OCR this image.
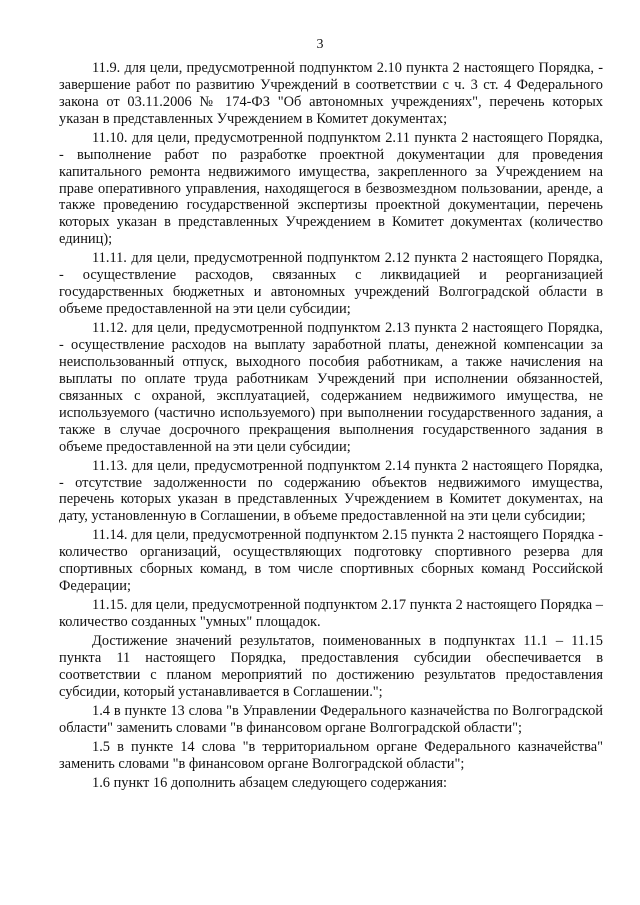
3

11.9. для цели, предусмотренной подпунктом 2.10 пункта 2 настоящего Порядка, - завершение работ по развитию Учреждений в соответствии с ч. 3 ст. 4 Федерального закона от 03.11.2006 № 174-ФЗ "Об автономных учреждениях", перечень которых указан в представленных Учреждением в Комитет документах;

11.10. для цели, предусмотренной подпунктом 2.11 пункта 2 настоящего Порядка, - выполнение работ по разработке проектной документации для проведения капитального ремонта недвижимого имущества, закрепленного за Учреждением на праве оперативного управления, находящегося в безвозмездном пользовании, аренде, а также проведению государственной экспертизы проектной документации, перечень которых указан в представленных Учреждением в Комитет документах (количество единиц);

11.11. для цели, предусмотренной подпунктом 2.12 пункта 2 настоящего Порядка, - осуществление расходов, связанных с ликвидацией и реорганизацией государственных бюджетных и автономных учреждений Волгоградской области в объеме предоставленной на эти цели субсидии;

11.12. для цели, предусмотренной подпунктом 2.13 пункта 2 настоящего Порядка, - осуществление расходов на выплату заработной платы, денежной компенсации за неиспользованный отпуск, выходного пособия работникам, а также начисления на выплаты по оплате труда работникам Учреждений при исполнении обязанностей, связанных с охраной, эксплуатацией, содержанием недвижимого имущества, не используемого (частично используемого) при выполнении государственного задания, а также в случае досрочного прекращения выполнения государственного задания в объеме предоставленной на эти цели субсидии;

11.13. для цели, предусмотренной подпунктом 2.14 пункта 2 настоящего Порядка, - отсутствие задолженности по содержанию объектов недвижимого имущества, перечень которых указан в представленных Учреждением в Комитет документах, на дату, установленную в Соглашении, в объеме предоставленной на эти цели субсидии;

11.14. для цели, предусмотренной подпунктом 2.15 пункта 2 настоящего Порядка - количество организаций, осуществляющих подготовку спортивного резерва для спортивных сборных команд, в том числе спортивных сборных команд Российской Федерации;

11.15. для цели, предусмотренной подпунктом 2.17 пункта 2 настоящего Порядка – количество созданных "умных" площадок.

Достижение значений результатов, поименованных в подпунктах 11.1 – 11.15 пункта 11 настоящего Порядка, предоставления субсидии обеспечивается в соответствии с планом мероприятий по достижению результатов предоставления субсидии, который устанавливается в Соглашении.";

1.4 в пункте 13 слова "в Управлении Федерального казначейства по Волгоградской области" заменить словами "в финансовом органе Волгоградской области";

1.5 в пункте 14 слова "в территориальном органе Федерального казначейства" заменить словами "в финансовом органе Волгоградской области";

1.6 пункт 16 дополнить абзацем следующего содержания:
